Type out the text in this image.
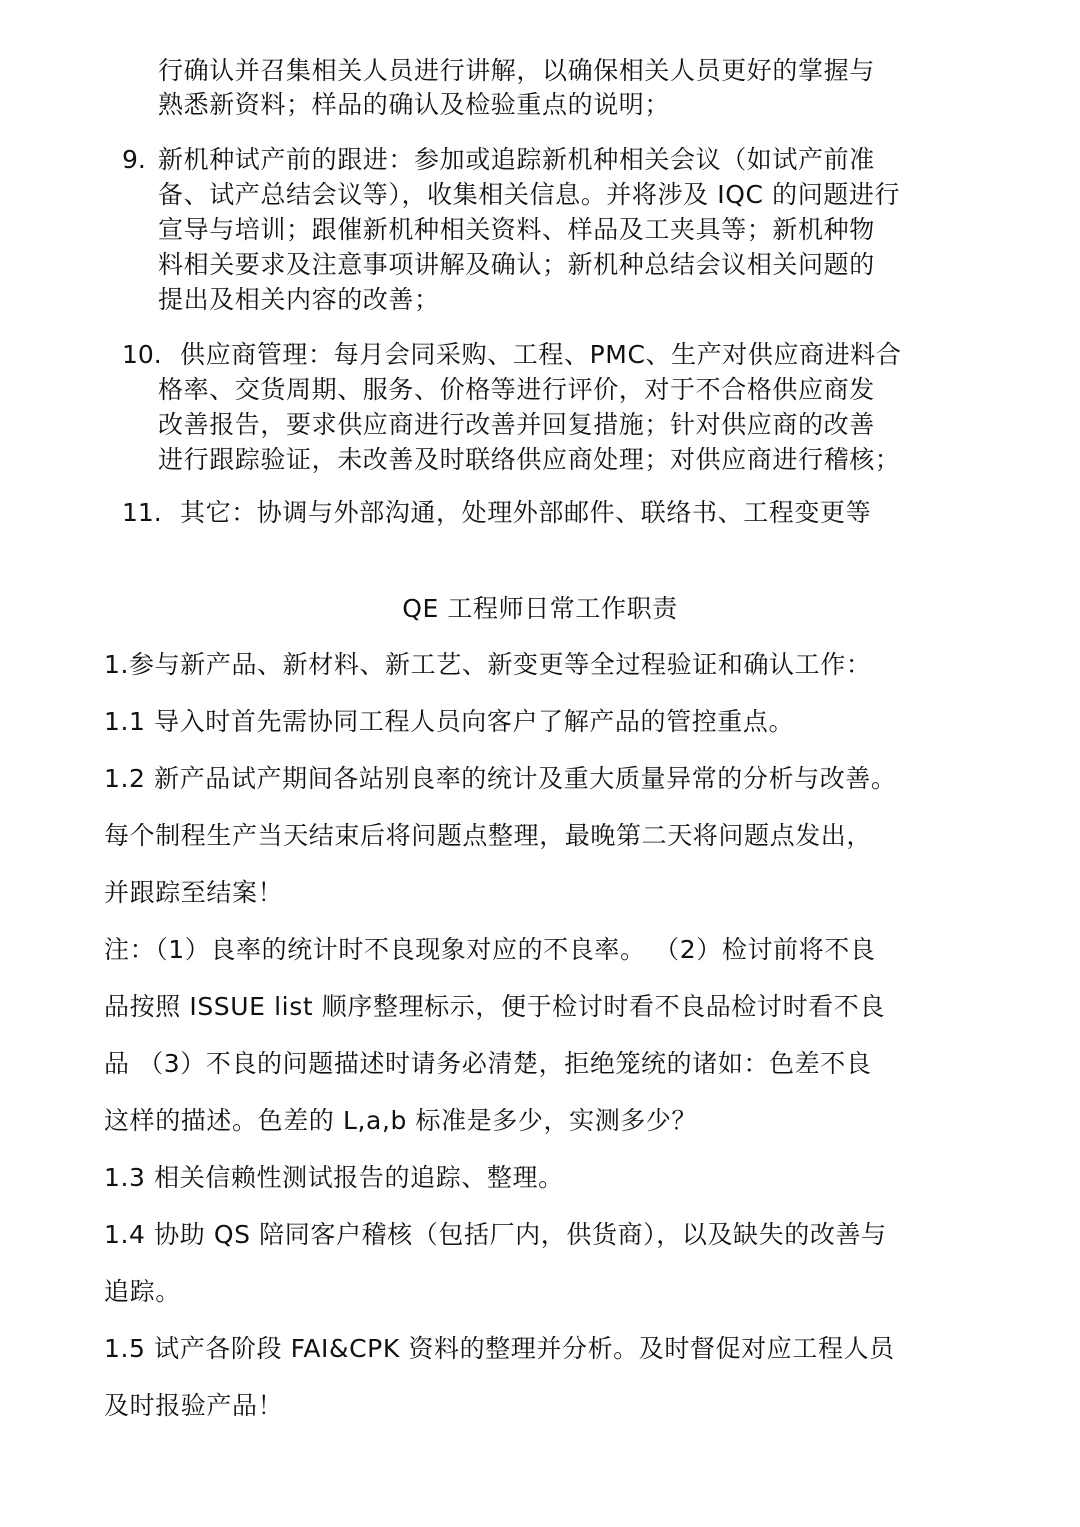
行确认并召集相关人员进行讲解，以确保相关人员更好的掌握与
熟悉新资料；样品的确认及检验重点的说明；
9. 新机种试产前的跟进：参加或追踪新机种相关会议（如试产前准
备、试产总结会议等），收集相关信息。并将涉及 IQC 的问题进行
宣导与培训；跟催新机种相关资料、样品及工夹具等；新机种物
料相关要求及注意事项讲解及确认；新机种总结会议相关问题的
提出及相关内容的改善；
10. 供应商管理：每月会同采购、工程、PMC、生产对供应商进料合
格率、交货周期、服务、价格等进行评价，对于不合格供应商发
改善报告，要求供应商进行改善并回复措施；针对供应商的改善
进行跟踪验证，未改善及时联络供应商处理；对供应商进行稽核；
11. 其它：协调与外部沟通，处理外部邮件、联络书、工程变更等
QE 工程师日常工作职责
1.参与新产品、新材料、新工艺、新变更等全过程验证和确认工作：
1.1 导入时首先需协同工程人员向客户了解产品的管控重点。
1.2 新产品试产期间各站别良率的统计及重大质量异常的分析与改善。
每个制程生产当天结束后将问题点整理，最晚第二天将问题点发出，
并跟踪至结案！
注：（1）良率的统计时不良现象对应的不良率。 （2）检讨前将不良
品按照 ISSUE list 顺序整理标示，便于检讨时看不良品检讨时看不良
品 （3）不良的问题描述时请务必清楚，拒绝笼统的诸如：色差不良
这样的描述。色差的 L,a,b 标准是多少，实测多少？
1.3 相关信赖性测试报告的追踪、整理。
1.4 协助 QS 陪同客户稽核（包括厂内，供货商），以及缺失的改善与
追踪。
1.5 试产各阶段 FAI&CPK 资料的整理并分析。及时督促对应工程人员
及时报验产品！
